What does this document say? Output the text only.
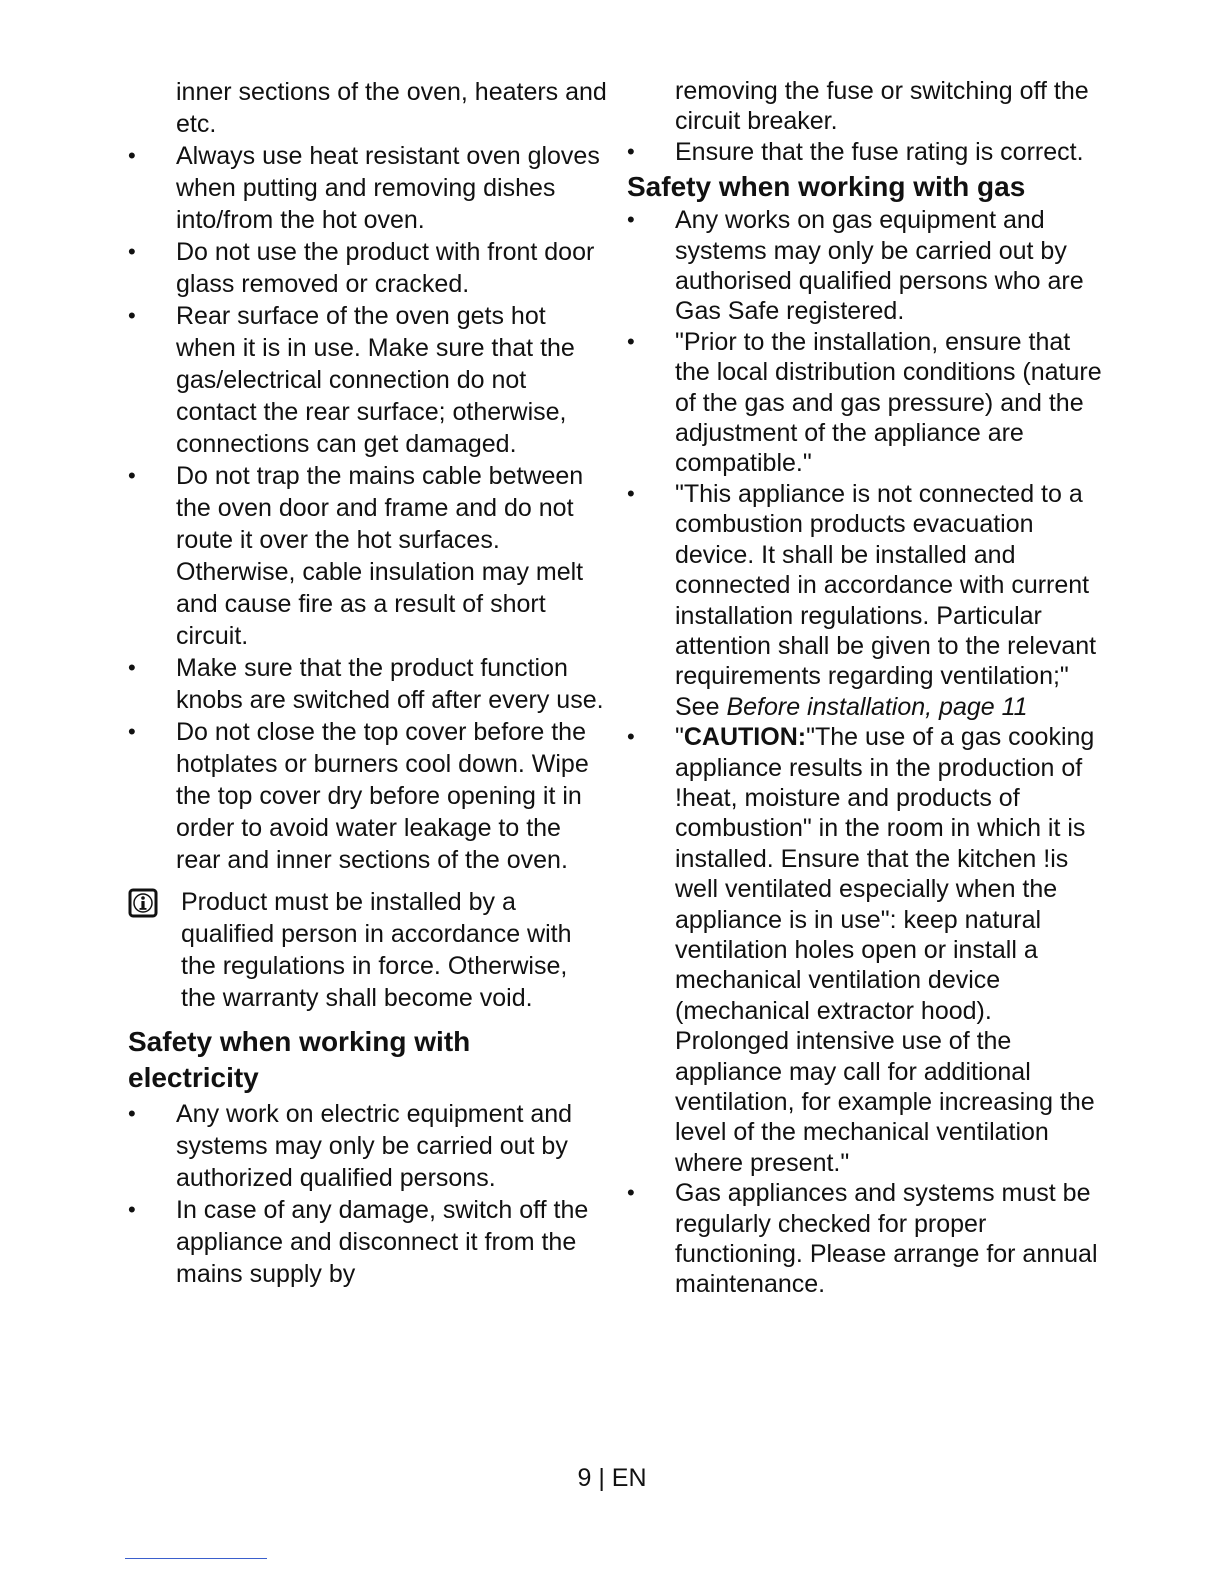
inner sections of the oven, heaters and etc.

• Always use heat resistant oven gloves when putting and removing dishes into/from the hot oven.

• Do not use the product with front door glass removed or cracked.

• Rear surface of the oven gets hot when it is in use. Make sure that the gas/electrical connection do not contact the rear surface; otherwise, connections can get damaged.

• Do not trap the mains cable between the oven door and frame and do not route it over the hot surfaces. Otherwise, cable insulation may melt and cause fire as a result of short circuit.

• Make sure that the product function knobs are switched off after every use.

• Do not close the top cover before the hotplates or burners cool down. Wipe the top cover dry before opening it in order to avoid water leakage to the rear and inner sections of the oven.

Product must be installed by a qualified person in accordance with the regulations in force. Otherwise, the warranty shall become void.
Safety when working with electricity

• Any work on electric equipment and systems may only be carried out by authorized qualified persons.

• In case of any damage, switch off the appliance and disconnect it from the mains supply by

removing the fuse or switching off the circuit breaker.

• Ensure that the fuse rating is correct.

Safety when working with gas

• Any works on gas equipment and systems may only be carried out by authorised qualified persons who are Gas Safe registered.

• "Prior to the installation, ensure that the local distribution conditions (nature of the gas and gas pressure) and the adjustment of the appliance are compatible."

• "This appliance is not connected to a combustion products evacuation device. It shall be installed and connected in accordance with current installation regulations. Particular attention shall be given to the relevant requirements regarding ventilation;" See Before installation, page 11

• "CAUTION:"The use of a gas cooking appliance results in the production of !heat, moisture and products of combustion" in the room in which it is installed. Ensure that the kitchen !is well ventilated especially when the appliance is in use": keep natural ventilation holes open or install a mechanical ventilation device (mechanical extractor hood). Prolonged intensive use of the appliance may call for additional ventilation, for example increasing the level of the mechanical ventilation where present."

• Gas appliances and systems must be regularly checked for proper functioning. Please arrange for annual maintenance.

9 | EN
